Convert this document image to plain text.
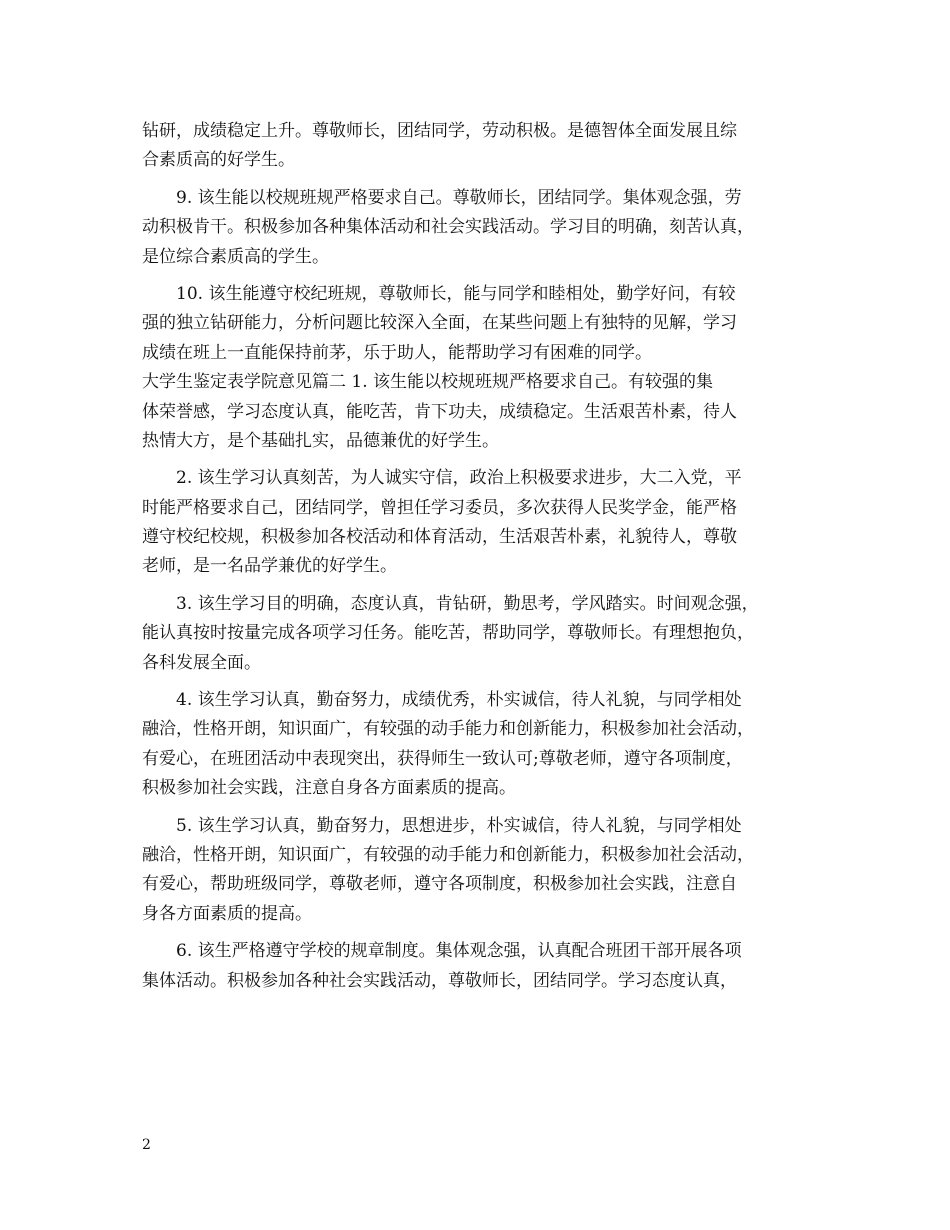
钻研，成绩稳定上升。尊敬师长，团结同学，劳动积极。是德智体全面发展且综
合素质高的好学生。
9. 该生能以校规班规严格要求自己。尊敬师长，团结同学。集体观念强，劳
动积极肯干。积极参加各种集体活动和社会实践活动。学习目的明确，刻苦认真，
是位综合素质高的学生。
10. 该生能遵守校纪班规，尊敬师长，能与同学和睦相处，勤学好问，有较
强的独立钻研能力，分析问题比较深入全面，在某些问题上有独特的见解，学习
成绩在班上一直能保持前茅，乐于助人，能帮助学习有困难的同学。
大学生鉴定表学院意见篇二 1. 该生能以校规班规严格要求自己。有较强的集
体荣誉感，学习态度认真，能吃苦，肯下功夫，成绩稳定。生活艰苦朴素，待人
热情大方，是个基础扎实，品德兼优的好学生。
2. 该生学习认真刻苦，为人诚实守信，政治上积极要求进步，大二入党，平
时能严格要求自己，团结同学，曾担任学习委员，多次获得人民奖学金，能严格
遵守校纪校规，积极参加各校活动和体育活动，生活艰苦朴素，礼貌待人，尊敬
老师，是一名品学兼优的好学生。
3. 该生学习目的明确，态度认真，肯钻研，勤思考，学风踏实。时间观念强，
能认真按时按量完成各项学习任务。能吃苦，帮助同学，尊敬师长。有理想抱负，
各科发展全面。
4. 该生学习认真，勤奋努力，成绩优秀，朴实诚信，待人礼貌，与同学相处
融洽，性格开朗，知识面广，有较强的动手能力和创新能力，积极参加社会活动，
有爱心，在班团活动中表现突出，获得师生一致认可;尊敬老师，遵守各项制度，
积极参加社会实践，注意自身各方面素质的提高。
5. 该生学习认真，勤奋努力，思想进步，朴实诚信，待人礼貌，与同学相处
融洽，性格开朗，知识面广，有较强的动手能力和创新能力，积极参加社会活动，
有爱心，帮助班级同学，尊敬老师，遵守各项制度，积极参加社会实践，注意自
身各方面素质的提高。
6. 该生严格遵守学校的规章制度。集体观念强，认真配合班团干部开展各项
集体活动。积极参加各种社会实践活动，尊敬师长，团结同学。学习态度认真，
2
